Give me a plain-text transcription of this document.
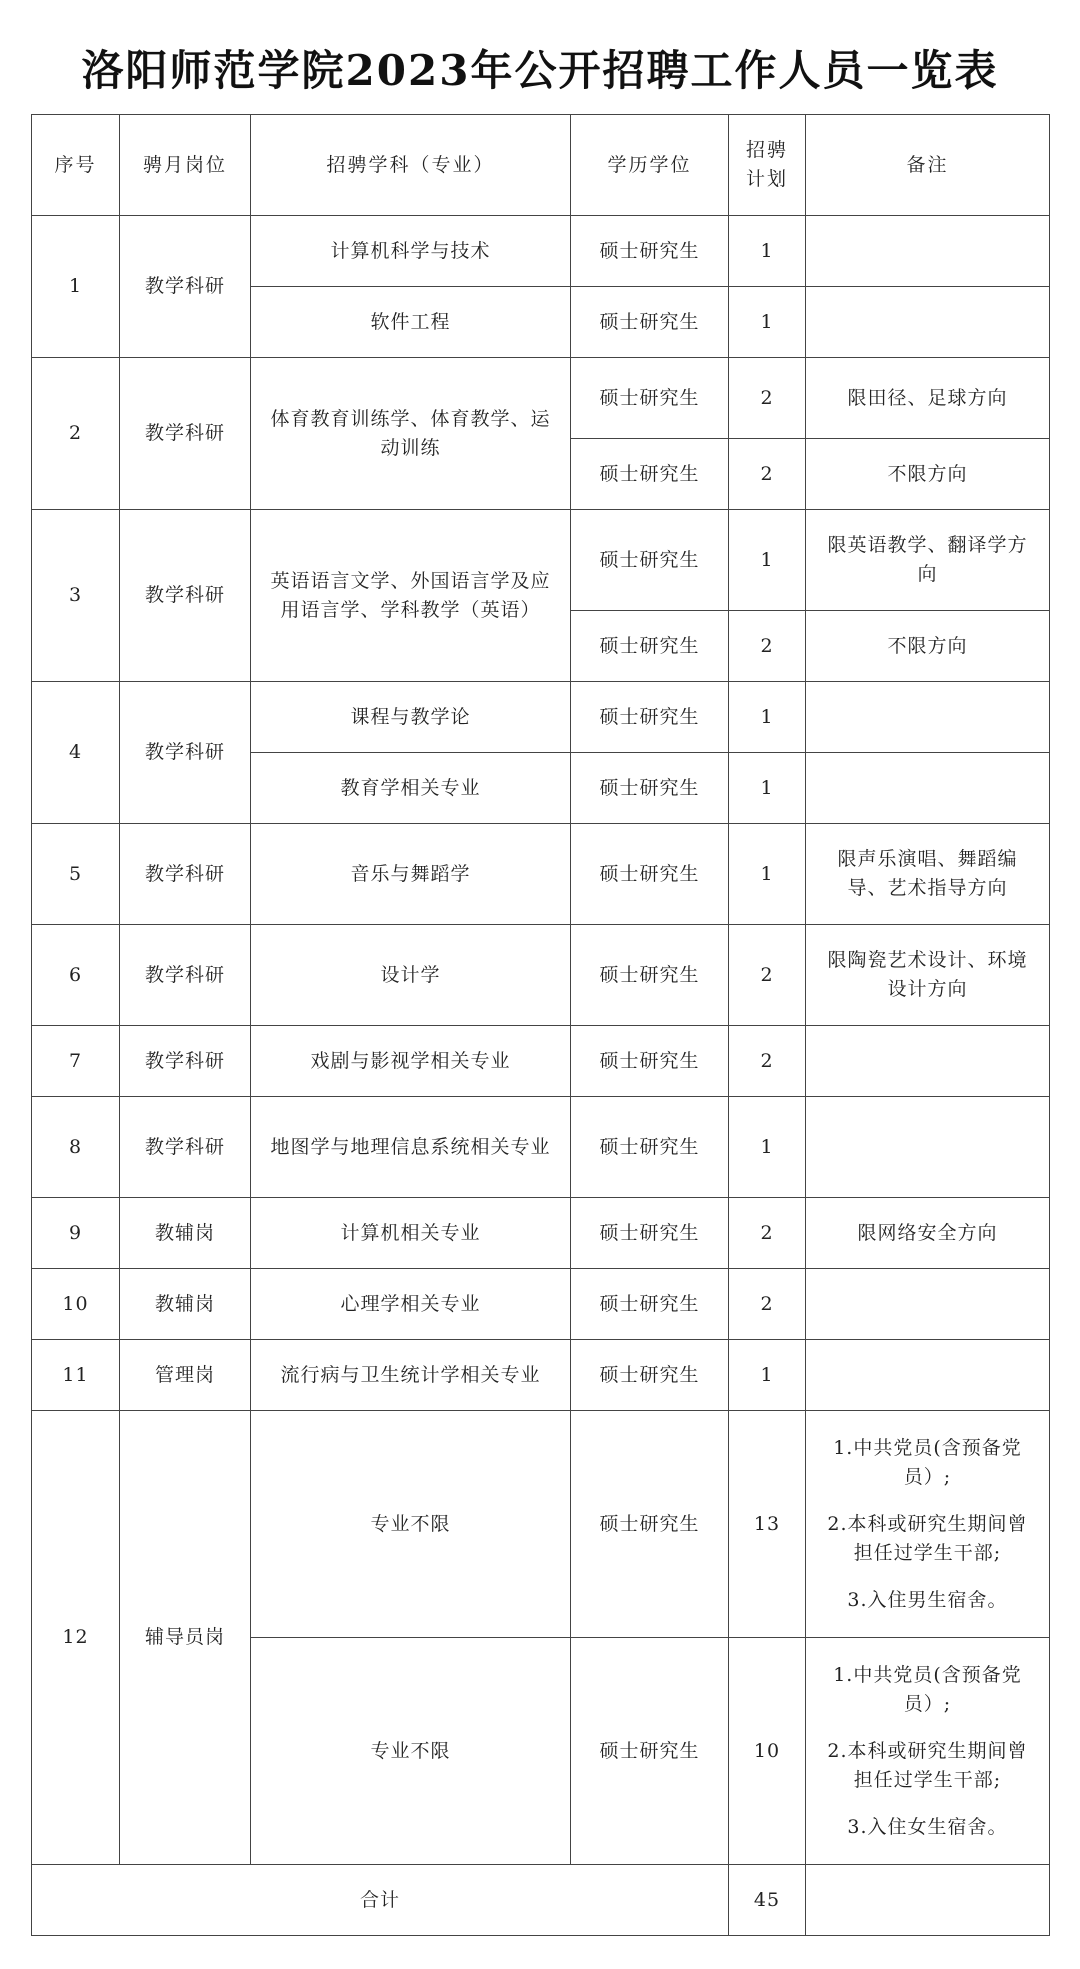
洛阳师范学院2023年公开招聘工作人员一览表
序号	骋月岗位	招骋学科（专业）	学历学位	招骋计划	备注
1	教学科研	计算机科学与技术	硕士研究生	1	
		软件工程	硕士研究生	1	
2	教学科研	体育教育训练学、体育教学、运动训练	硕士研究生	2	限田径、足球方向
			硕士研究生	2	不限方向
3	教学科研	英语语言文学、外国语言学及应用语言学、学科教学（英语）	硕士研究生	1	限英语教学、翻译学方向
			硕士研究生	2	不限方向
4	教学科研	课程与教学论	硕士研究生	1	
		教育学相关专业	硕士研究生	1	
5	教学科研	音乐与舞蹈学	硕士研究生	1	限声乐演唱、舞蹈编导、艺术指导方向
6	教学科研	设计学	硕士研究生	2	限陶瓷艺术设计、环境设计方向
7	教学科研	戏剧与影视学相关专业	硕士研究生	2	
8	教学科研	地图学与地理信息系统相关专业	硕士研究生	1	
9	教辅岗	计算机相关专业	硕士研究生	2	限网络安全方向
10	教辅岗	心理学相关专业	硕士研究生	2	
11	管理岗	流行病与卫生统计学相关专业	硕士研究生	1	
12	辅导员岗	专业不限	硕士研究生	13	1.中共党员(含预备党员）;
2.本科或研究生期间曾担任过学生干部;
3.入住男生宿舍。

		专业不限	硕士研究生	10	1.中共党员(含预备党员）;
2.本科或研究生期间曾担任过学生干部;
3.入住女生宿舍。

合计				45	
